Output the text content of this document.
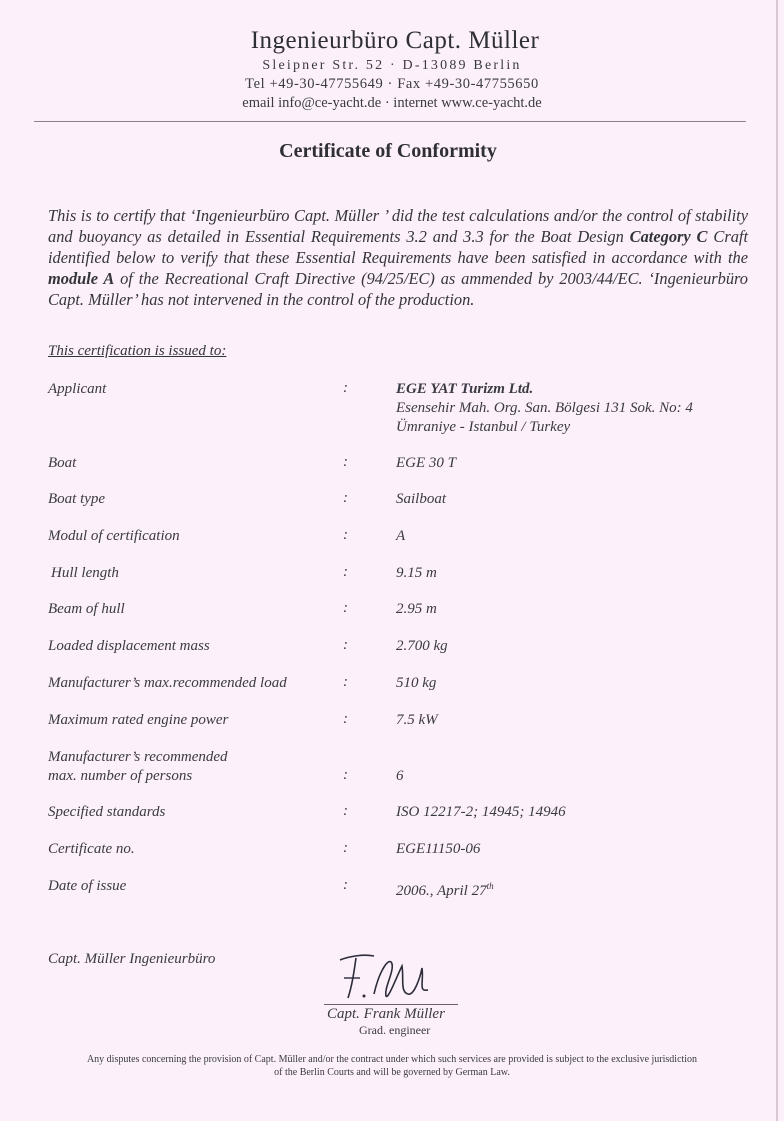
Ingenieurbüro Capt. Müller
Sleipner Str. 52 · D-13089 Berlin
Tel +49-30-47755649 · Fax +49-30-47755650
email info@ce-yacht.de · internet www.ce-yacht.de
Certificate of Conformity
This is to certify that ‘Ingenieurbüro Capt. Müller ’ did the test calculations and/or the control of stability and buoyancy as detailed in Essential Requirements 3.2 and 3.3 for the Boat Design Category C Craft identified below to verify that these Essential Requirements have been satisfied in accordance with the module A of the Recreational Craft Directive (94/25/EC) as ammended by 2003/44/EC. ‘Ingenieurbüro Capt. Müller’ has not intervened in the control of the production.
This certification is issued to:
Applicant	:	EGE YAT Turizm Ltd.
Esensehir Mah. Org. San. Bölgesi 131 Sok. No: 4
Ümraniye - Istanbul / Turkey
Boat	:	EGE 30 T
Boat type	:	Sailboat
Modul of certification	:	A
Hull length	:	9.15 m
Beam of hull	:	2.95 m
Loaded displacement mass	:	2.700 kg
Manufacturer’s max.recommended load	:	510 kg
Maximum rated engine power	:	7.5 kW
Manufacturer’s recommended
max. number of persons	:	6
Specified standards	:	ISO 12217-2; 14945; 14946
Certificate no.	:	EGE11150-06
Date of issue	:	2006., April 27th
Capt. Müller Ingenieurbüro
Capt. Frank Müller
Grad. engineer
Any disputes concerning the provision of Capt. Müller and/or the contract under which such services are provided is subject to the exclusive jurisdiction
of the Berlin Courts and will be governed by German Law.
